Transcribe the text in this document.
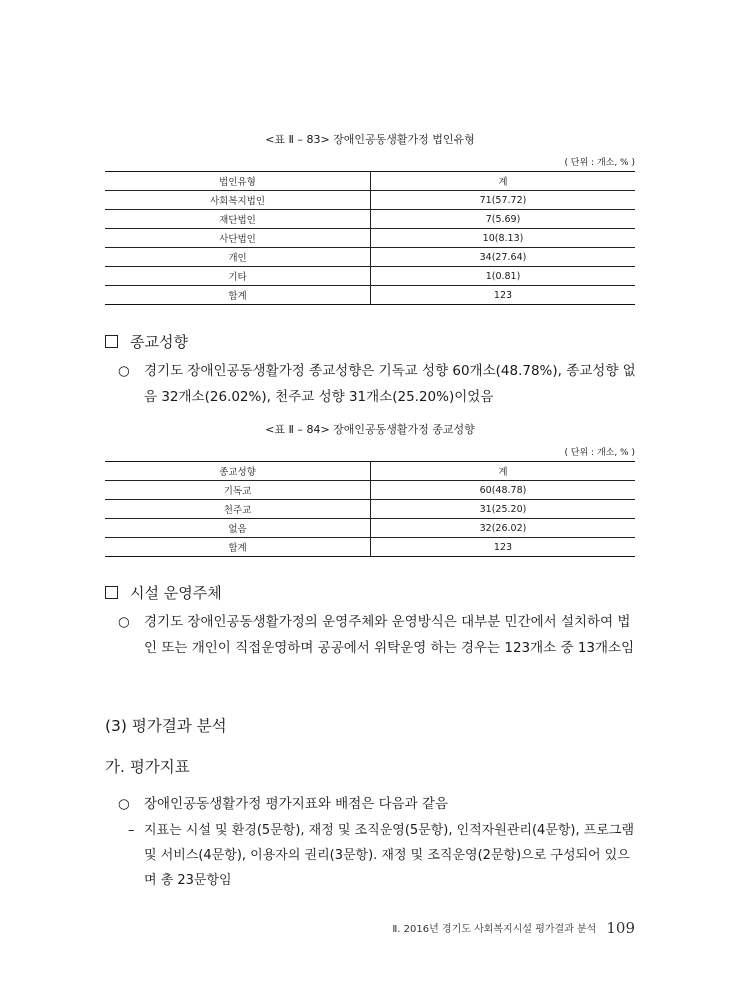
<표 Ⅱ – 83> 장애인공동생활가정 법인유형
( 단위 : 개소, % )
법인유형	계
사회복지법인	71(57.72)
재단법인	7(5.69)
사단법인	10(8.13)
개인	34(27.64)
기타	1(0.81)
합계	123
종교성향
○ 경기도 장애인공동생활가정 종교성향은 기독교 성향 60개소(48.78%), 종교성향 없음 32개소(26.02%), 천주교 성향 31개소(25.20%)이었음
<표 Ⅱ – 84> 장애인공동생활가정 종교성향
( 단위 : 개소, % )
종교성향	계
기독교	60(48.78)
천주교	31(25.20)
없음	32(26.02)
합계	123
시설 운영주체
○ 경기도 장애인공동생활가정의 운영주체와 운영방식은 대부분 민간에서 설치하여 법인 또는 개인이 직접운영하며 공공에서 위탁운영 하는 경우는 123개소 중 13개소임
(3) 평가결과 분석
가. 평가지표
○ 장애인공동생활가정 평가지표와 배점은 다음과 같음
– 지표는 시설 및 환경(5문항), 재정 및 조직운영(5문항), 인적자원관리(4문항), 프로그램 및 서비스(4문항), 이용자의 권리(3문항). 재정 및 조직운영(2문항)으로 구성되어 있으며 총 23문항임
Ⅱ. 2016년 경기도 사회복지시설 평가결과 분석 109
